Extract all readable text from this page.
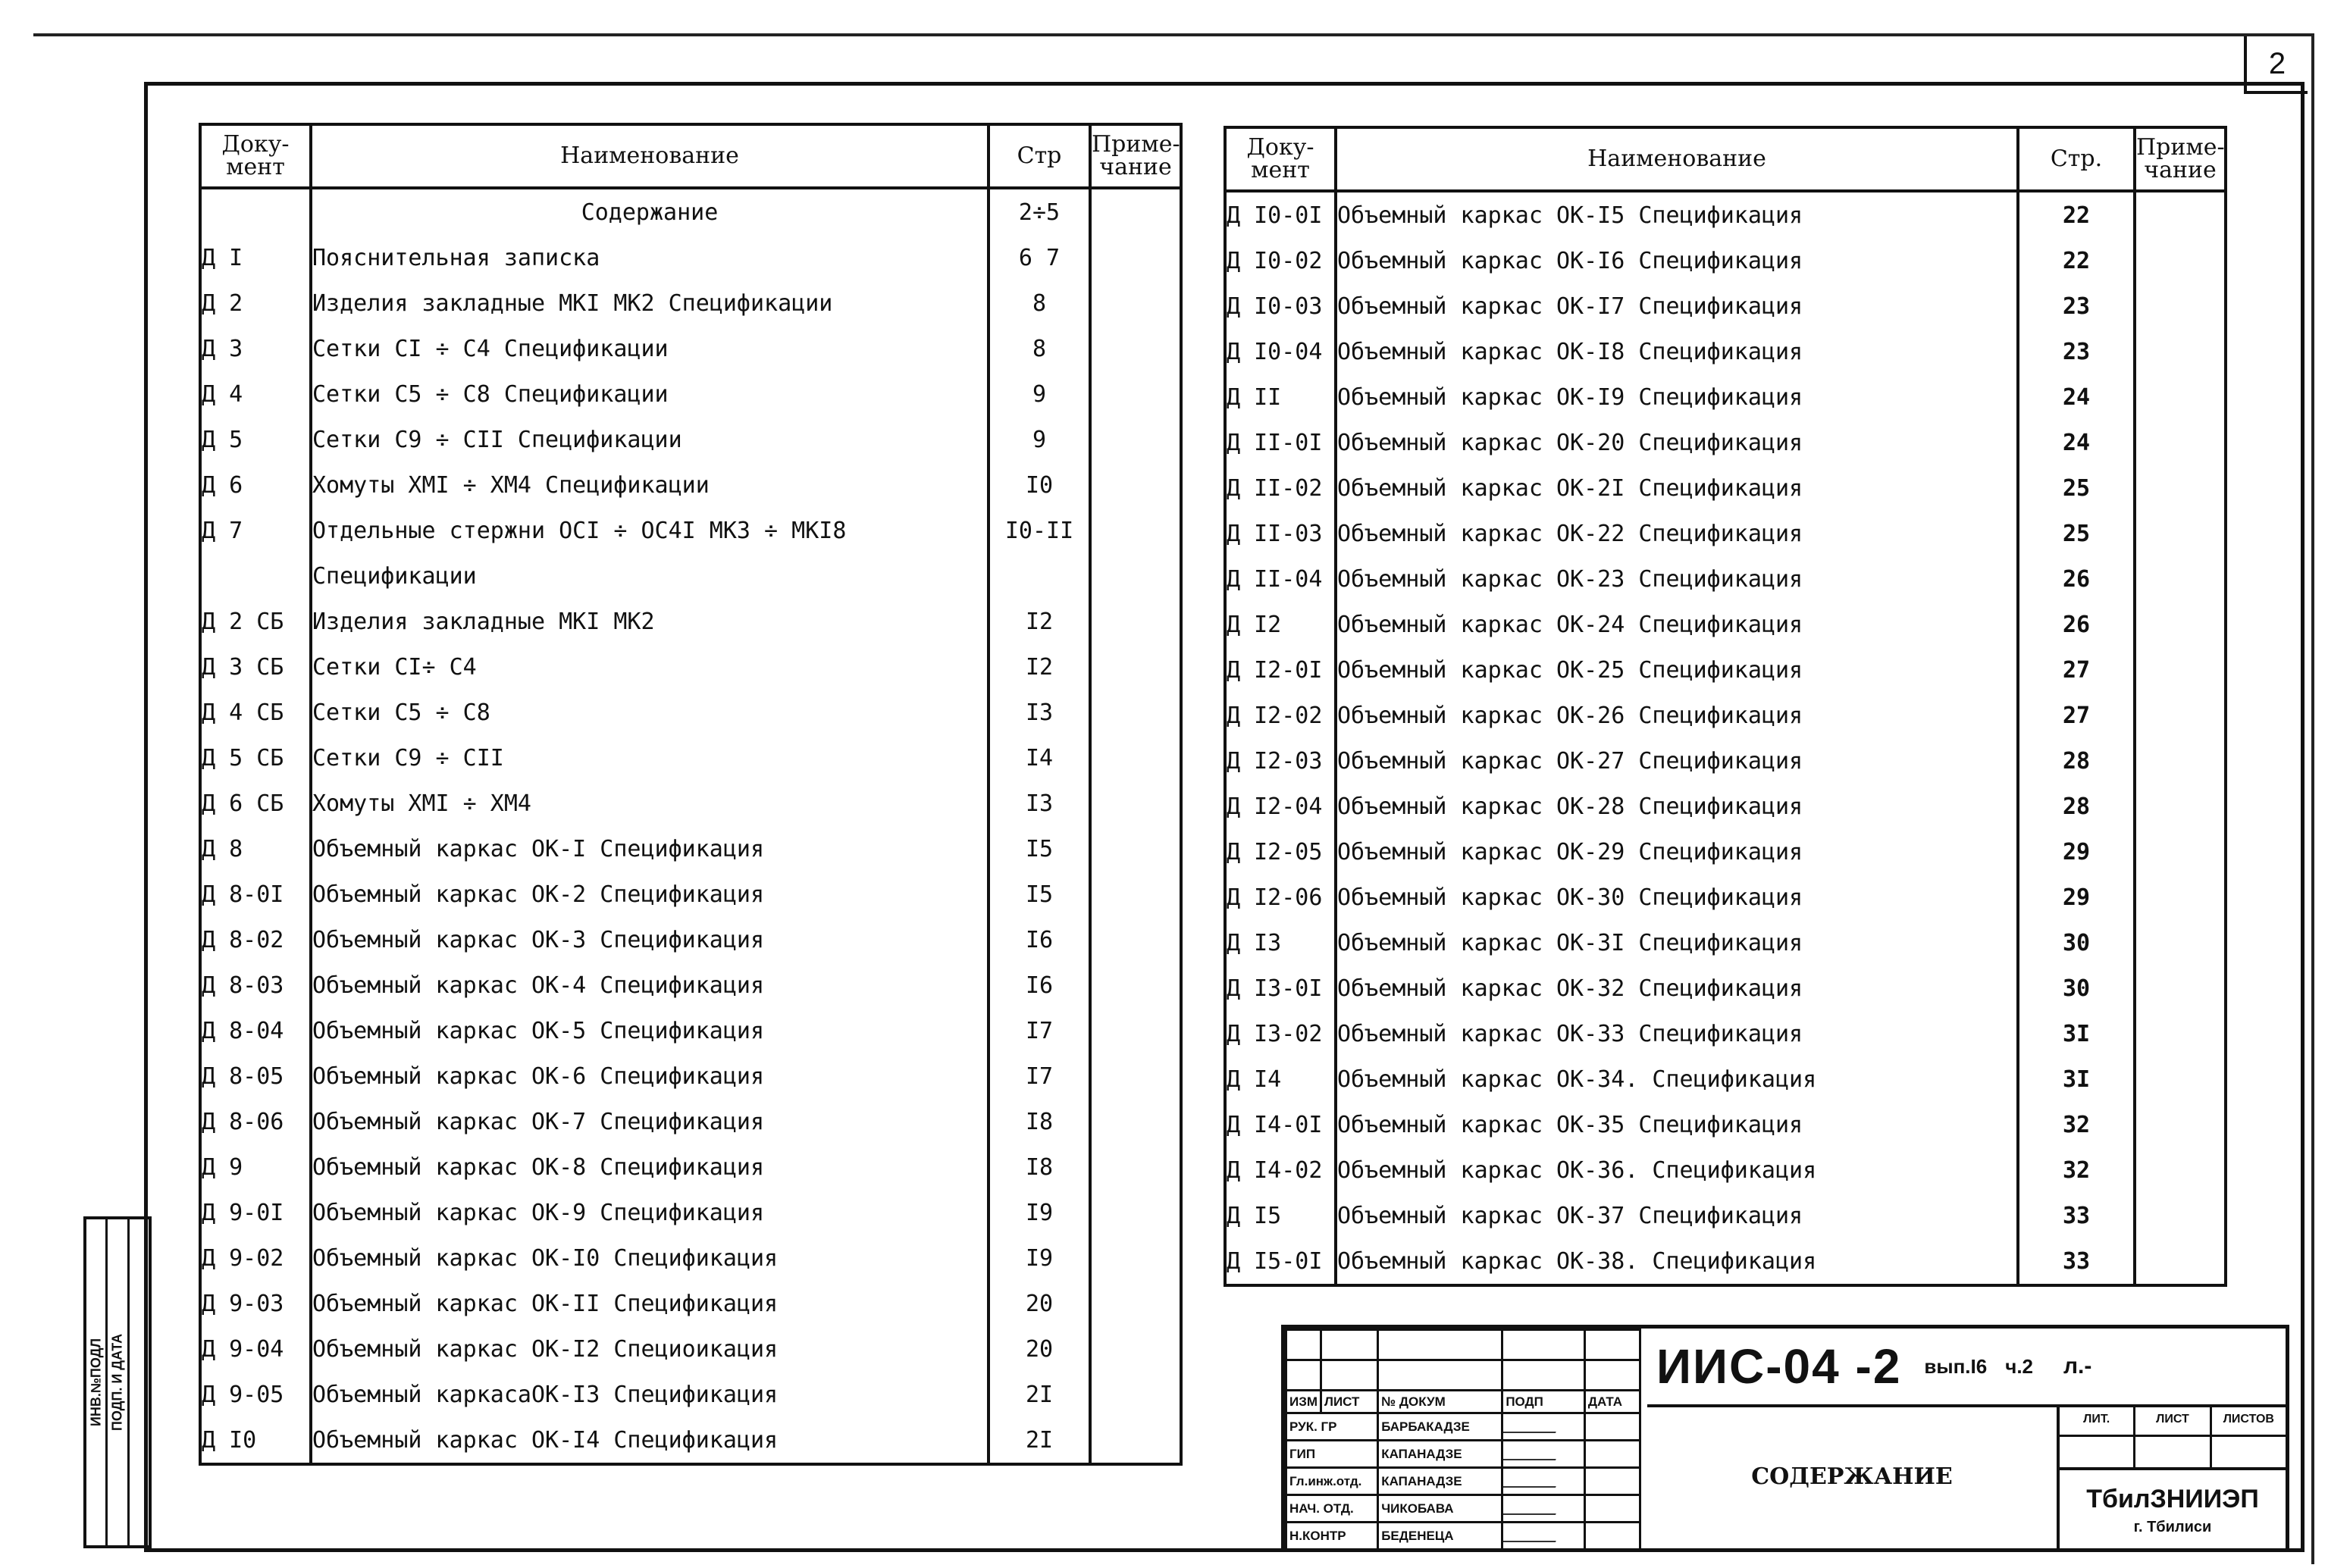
2
ИНВ.№ПОДЛ ПОДП. И ДАТА
Доку-
мент	Наименование	Стр	Приме-
чание
	Содержание	2÷5	
Д I	Пояснительная записка	6 7	
Д 2	Изделия закладные МКI МК2 Спецификации	8	
Д 3	Сетки СI ÷ С4 Спецификации	8	
Д 4	Сетки С5 ÷ С8 Спецификации	9	
Д 5	Сетки С9 ÷ СII Спецификации	9	
Д 6	Хомуты ХМI ÷ ХМ4 Спецификации	I0	
Д 7	Отдельные стержни ОСI ÷ ОС4I МК3 ÷ МКI8	I0-II	
	Спецификации		
Д 2 СБ	Изделия закладные МКI МК2	I2	
Д 3 СБ	Сетки СI÷ С4	I2	
Д 4 СБ	Сетки С5 ÷ С8	I3	
Д 5 СБ	Сетки С9 ÷ СII	I4	
Д 6 СБ	Хомуты ХМI ÷ ХМ4	I3	
Д 8	Объемный каркас ОК-I Спецификация	I5	
Д 8-0I	Объемный каркас ОК-2 Спецификация	I5	
Д 8-02	Объемный каркас ОК-3 Спецификация	I6	
Д 8-03	Объемный каркас ОК-4 Спецификация	I6	
Д 8-04	Объемный каркас ОК-5 Спецификация	I7	
Д 8-05	Объемный каркас ОК-6 Спецификация	I7	
Д 8-06	Объемный каркас ОК-7 Спецификация	I8	
Д 9	Объемный каркас ОК-8 Спецификация	I8	
Д 9-0I	Объемный каркас ОК-9 Спецификация	I9	
Д 9-02	Объемный каркас ОК-I0 Спецификация	I9	
Д 9-03	Объемный каркас ОК-II Спецификация	20	
Д 9-04	Объемный каркас ОК-I2 Специоикация	20	
Д 9-05	Объемный каркасаОК-I3 Спецификация	2I	
Д I0	Объемный каркас ОК-I4 Спецификация	2I	
Доку-
мент	Наименование	Стр.	Приме-
чание
Д I0-0I	Объемный каркас ОК-I5 Спецификация	22	
Д I0-02	Объемный каркас ОК-I6 Спецификация	22	
Д I0-03	Объемный каркас ОК-I7 Спецификация	23	
Д I0-04	Объемный каркас ОК-I8 Спецификация	23	
Д II	Объемный каркас ОК-I9 Спецификация	24	
Д II-0I	Объемный каркас ОК-20 Спецификация	24	
Д II-02	Объемный каркас ОК-2I Спецификация	25	
Д II-03	Объемный каркас ОК-22 Спецификация	25	
Д II-04	Объемный каркас ОК-23 Спецификация	26	
Д I2	Объемный каркас ОК-24 Спецификация	26	
Д I2-0I	Объемный каркас ОК-25 Спецификация	27	
Д I2-02	Объемный каркас ОК-26 Спецификация	27	
Д I2-03	Объемный каркас ОК-27 Спецификация	28	
Д I2-04	Объемный каркас ОК-28 Спецификация	28	
Д I2-05	Объемный каркас ОК-29 Спецификация	29	
Д I2-06	Объемный каркас ОК-30 Спецификация	29	
Д I3	Объемный каркас ОК-3I Спецификация	30	
Д I3-0I	Объемный каркас ОК-32 Спецификация	30	
Д I3-02	Объемный каркас ОК-33 Спецификация	3I	
Д I4	Объемный каркас ОК-34. Спецификация	3I	
Д I4-0I	Объемный каркас ОК-35 Спецификация	32	
Д I4-02	Объемный каркас ОК-36. Спецификация	32	
Д I5	Объемный каркас ОК-37 Спецификация	33	
Д I5-0I	Объемный каркас ОК-38. Спецификация	33	

ИЗМ	ЛИСТ	№ ДОКУМ	ПОДП	ДАТА
РУК. ГР		БАРБАКАДЗЕ		
ГИП		КАПАНАДЗЕ		
Гл.инж.отд.		КАПАНАДЗЕ		
НАЧ. ОТД.		ЧИКОБАВА		
Н.КОНТР		БЕДЕНЕЦА		
ИИС-04 -2 вып.I6 ч.2 л.-
СОДЕРЖАНИЕ
ЛИТ.	ЛИСТ	ЛИСТОВ
ТбилЗНИИЭП
г. Тбилиси
